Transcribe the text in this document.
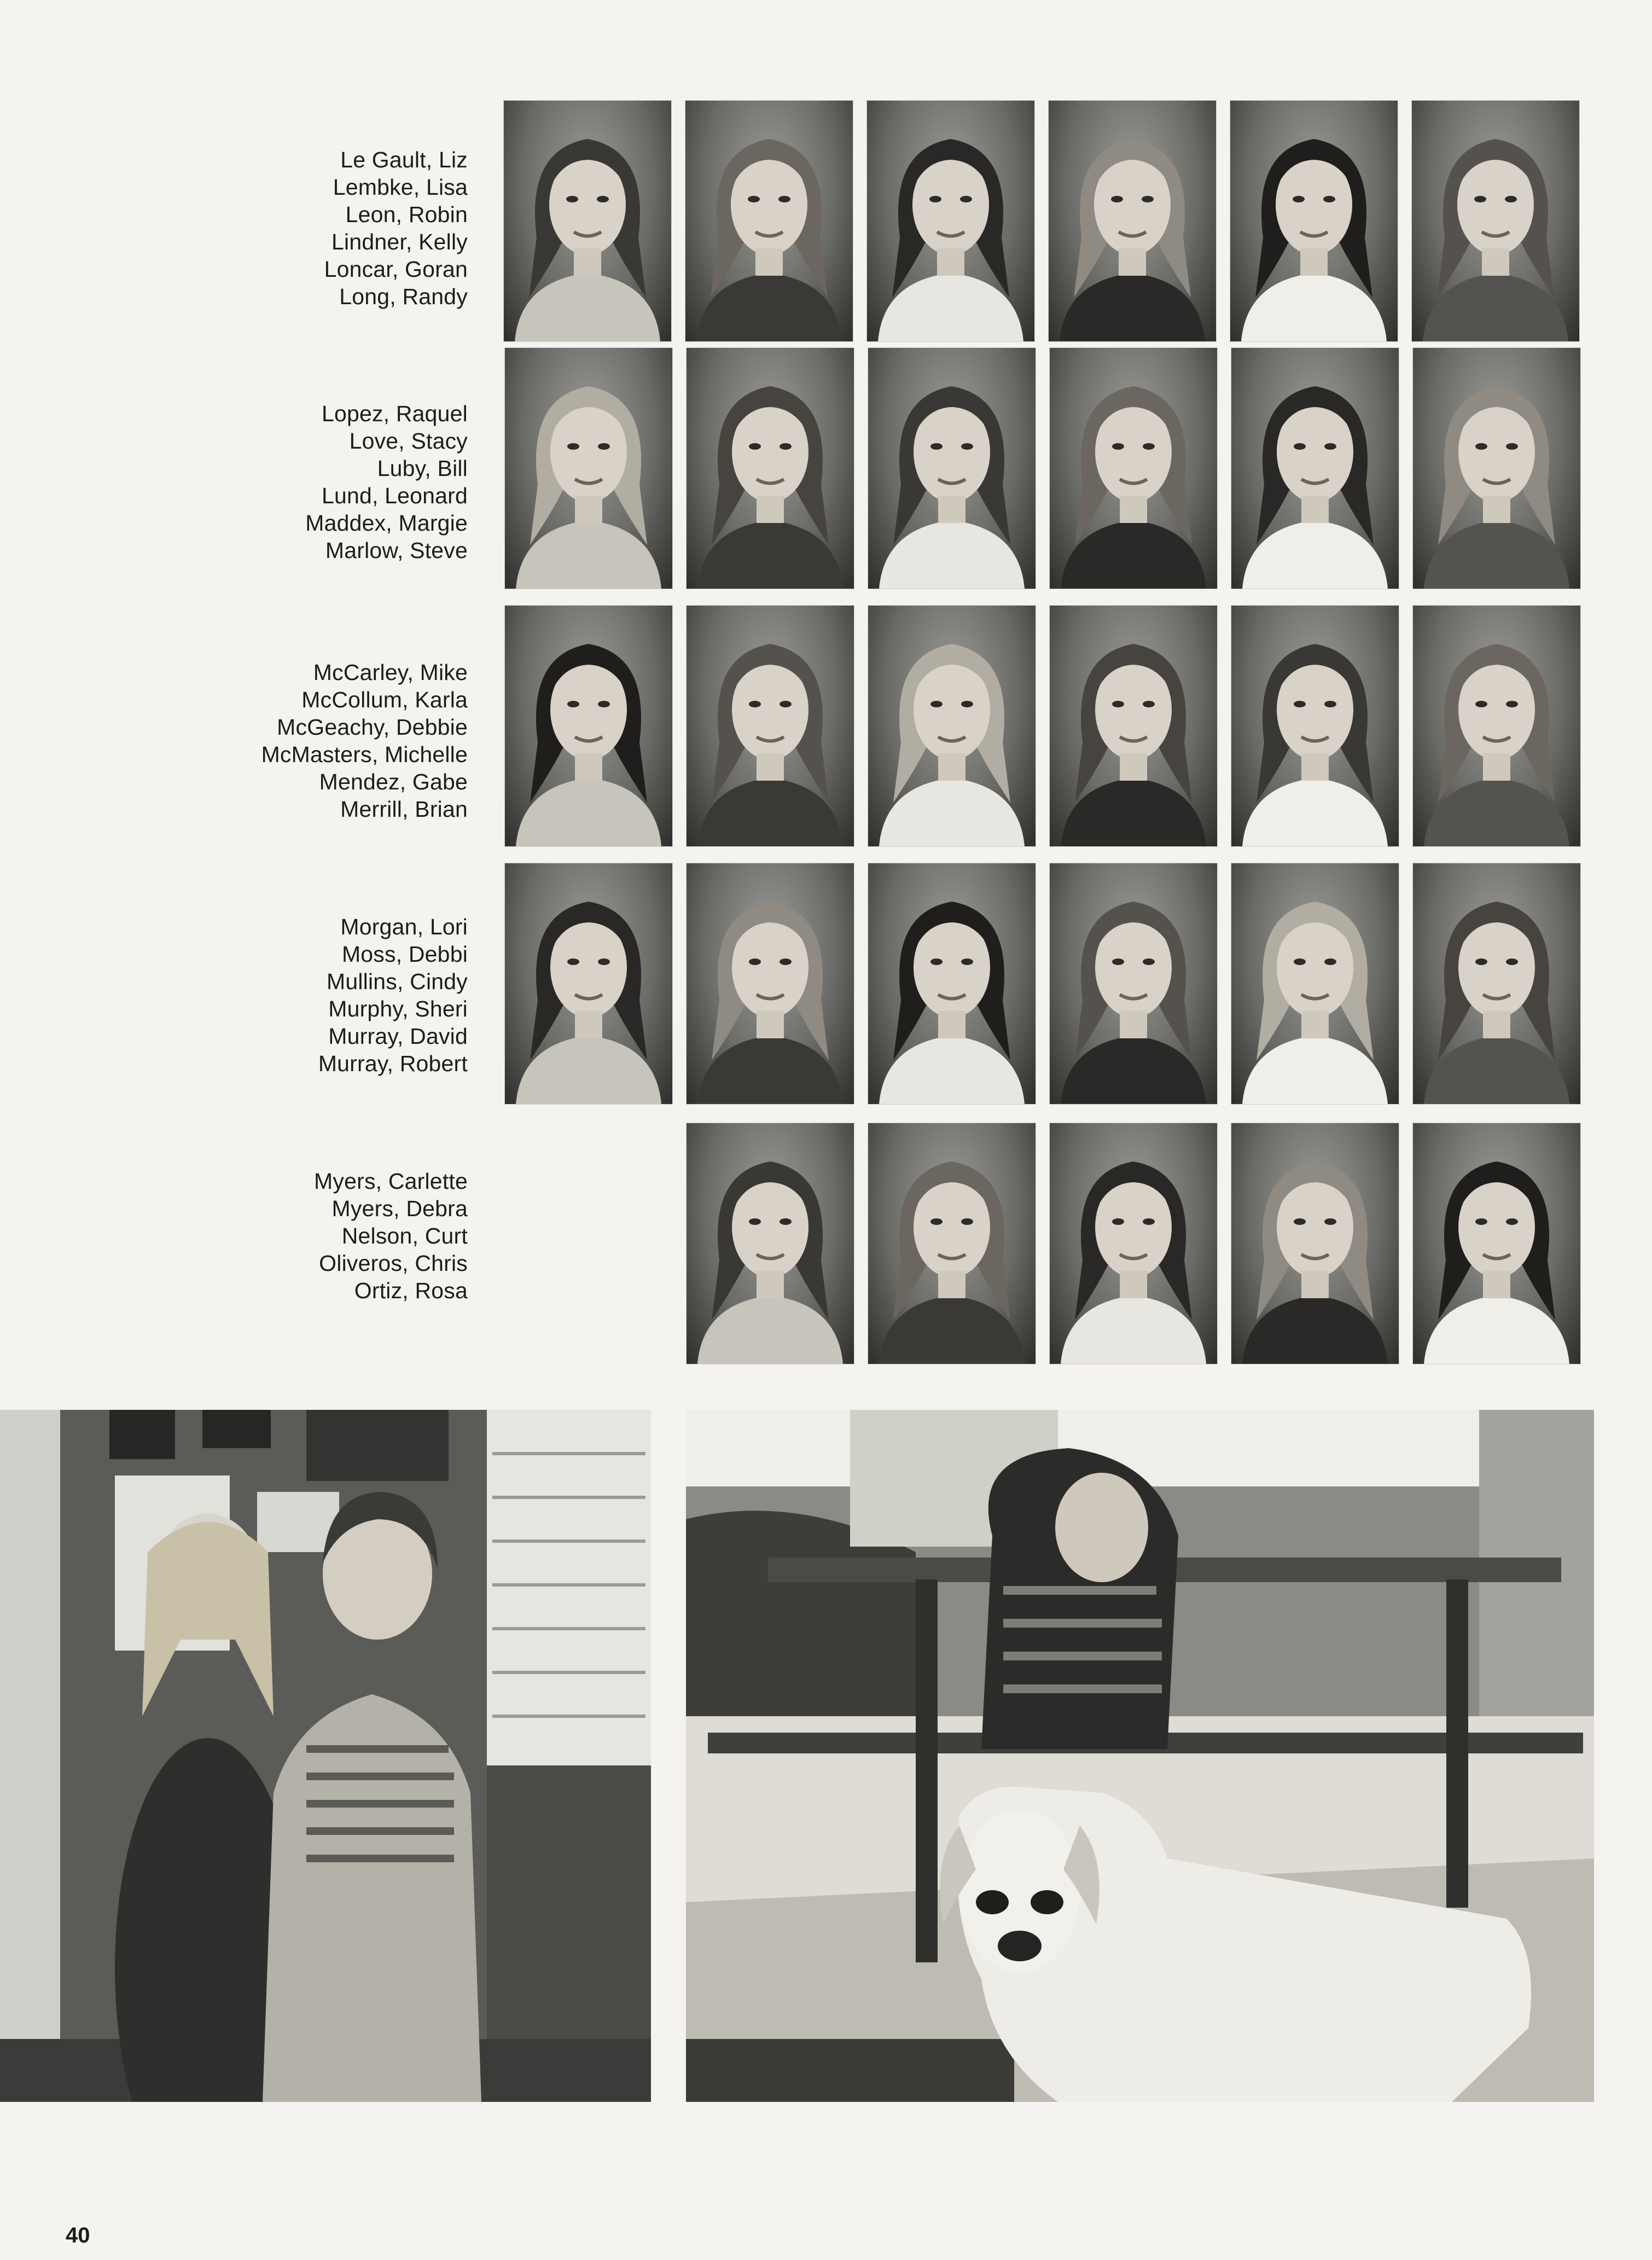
Le Gault, Liz
Lembke, Lisa
Leon, Robin
Lindner, Kelly
Loncar, Goran
Long, Randy
Lopez, Raquel
Love, Stacy
Luby, Bill
Lund, Leonard
Maddex, Margie
Marlow, Steve
McCarley, Mike
McCollum, Karla
McGeachy, Debbie
McMasters, Michelle
Mendez, Gabe
Merrill, Brian
Morgan, Lori
Moss, Debbi
Mullins, Cindy
Murphy, Sheri
Murray, David
Murray, Robert
Myers, Carlette
Myers, Debra
Nelson, Curt
Oliveros, Chris
Ortiz, Rosa
40
